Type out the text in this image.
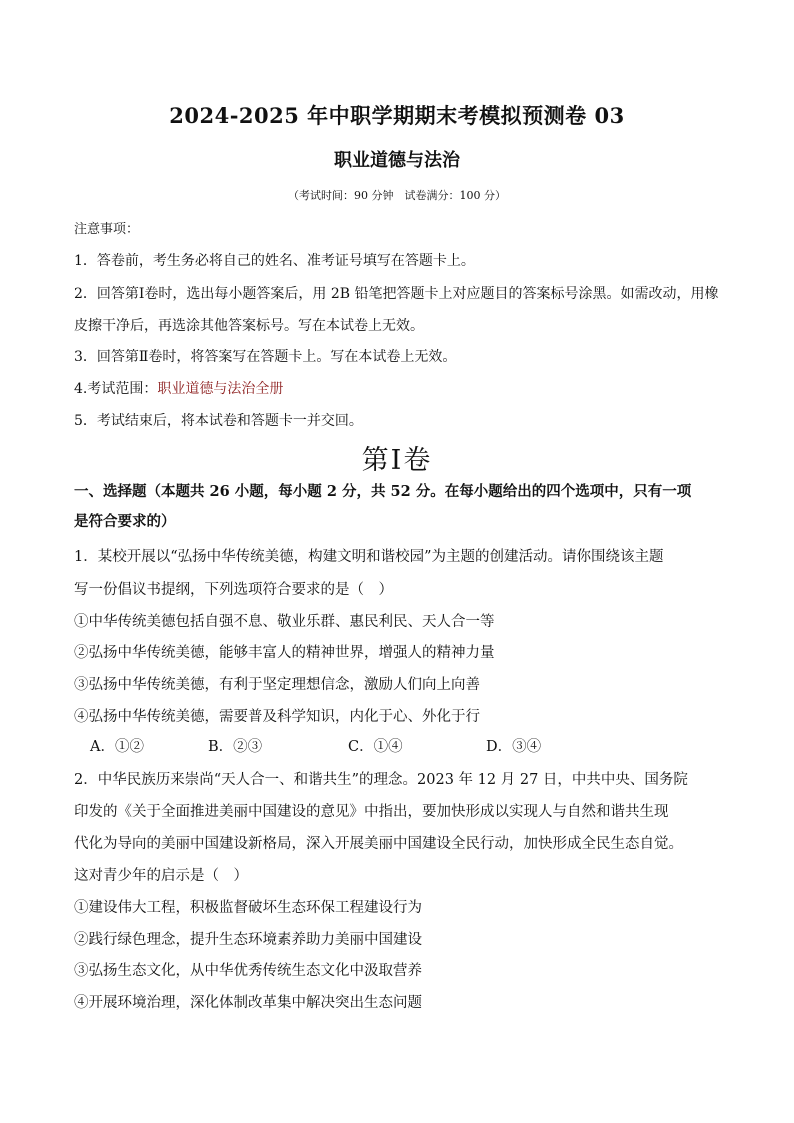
2024-2025 年中职学期期末考模拟预测卷 03
职业道德与法治
（考试时间：90 分钟　试卷满分：100 分）
注意事项：
1．答卷前，考生务必将自己的姓名、准考证号填写在答题卡上。
2．回答第Ⅰ卷时，选出每小题答案后，用 2B 铅笔把答题卡上对应题目的答案标号涂黑。如需改动，用橡
皮擦干净后，再选涂其他答案标号。写在本试卷上无效。
3．回答第Ⅱ卷时，将答案写在答题卡上。写在本试卷上无效。
4.考试范围：职业道德与法治全册
5．考试结束后，将本试卷和答题卡一并交回。
第Ⅰ卷
一、选择题（本题共 26 小题，每小题 2 分，共 52 分。在每小题给出的四个选项中，只有一项
是符合要求的）
1．某校开展以“弘扬中华传统美德，构建文明和谐校园”为主题的创建活动。请你围绕该主题
写一份倡议书提纲，下列选项符合要求的是（　）
①中华传统美德包括自强不息、敬业乐群、惠民利民、天人合一等
②弘扬中华传统美德，能够丰富人的精神世界，增强人的精神力量
③弘扬中华传统美德，有利于坚定理想信念，激励人们向上向善
④弘扬中华传统美德，需要普及科学知识，内化于心、外化于行
A．①②	B．②③	C．①④	D．③④
2．中华民族历来崇尚“天人合一、和谐共生”的理念。2023 年 12 月 27 日，中共中央、国务院
印发的《关于全面推进美丽中国建设的意见》中指出，要加快形成以实现人与自然和谐共生现
代化为导向的美丽中国建设新格局，深入开展美丽中国建设全民行动，加快形成全民生态自觉。
这对青少年的启示是（　）
①建设伟大工程，积极监督破坏生态环保工程建设行为
②践行绿色理念，提升生态环境素养助力美丽中国建设
③弘扬生态文化，从中华优秀传统生态文化中汲取营养
④开展环境治理，深化体制改革集中解决突出生态问题
